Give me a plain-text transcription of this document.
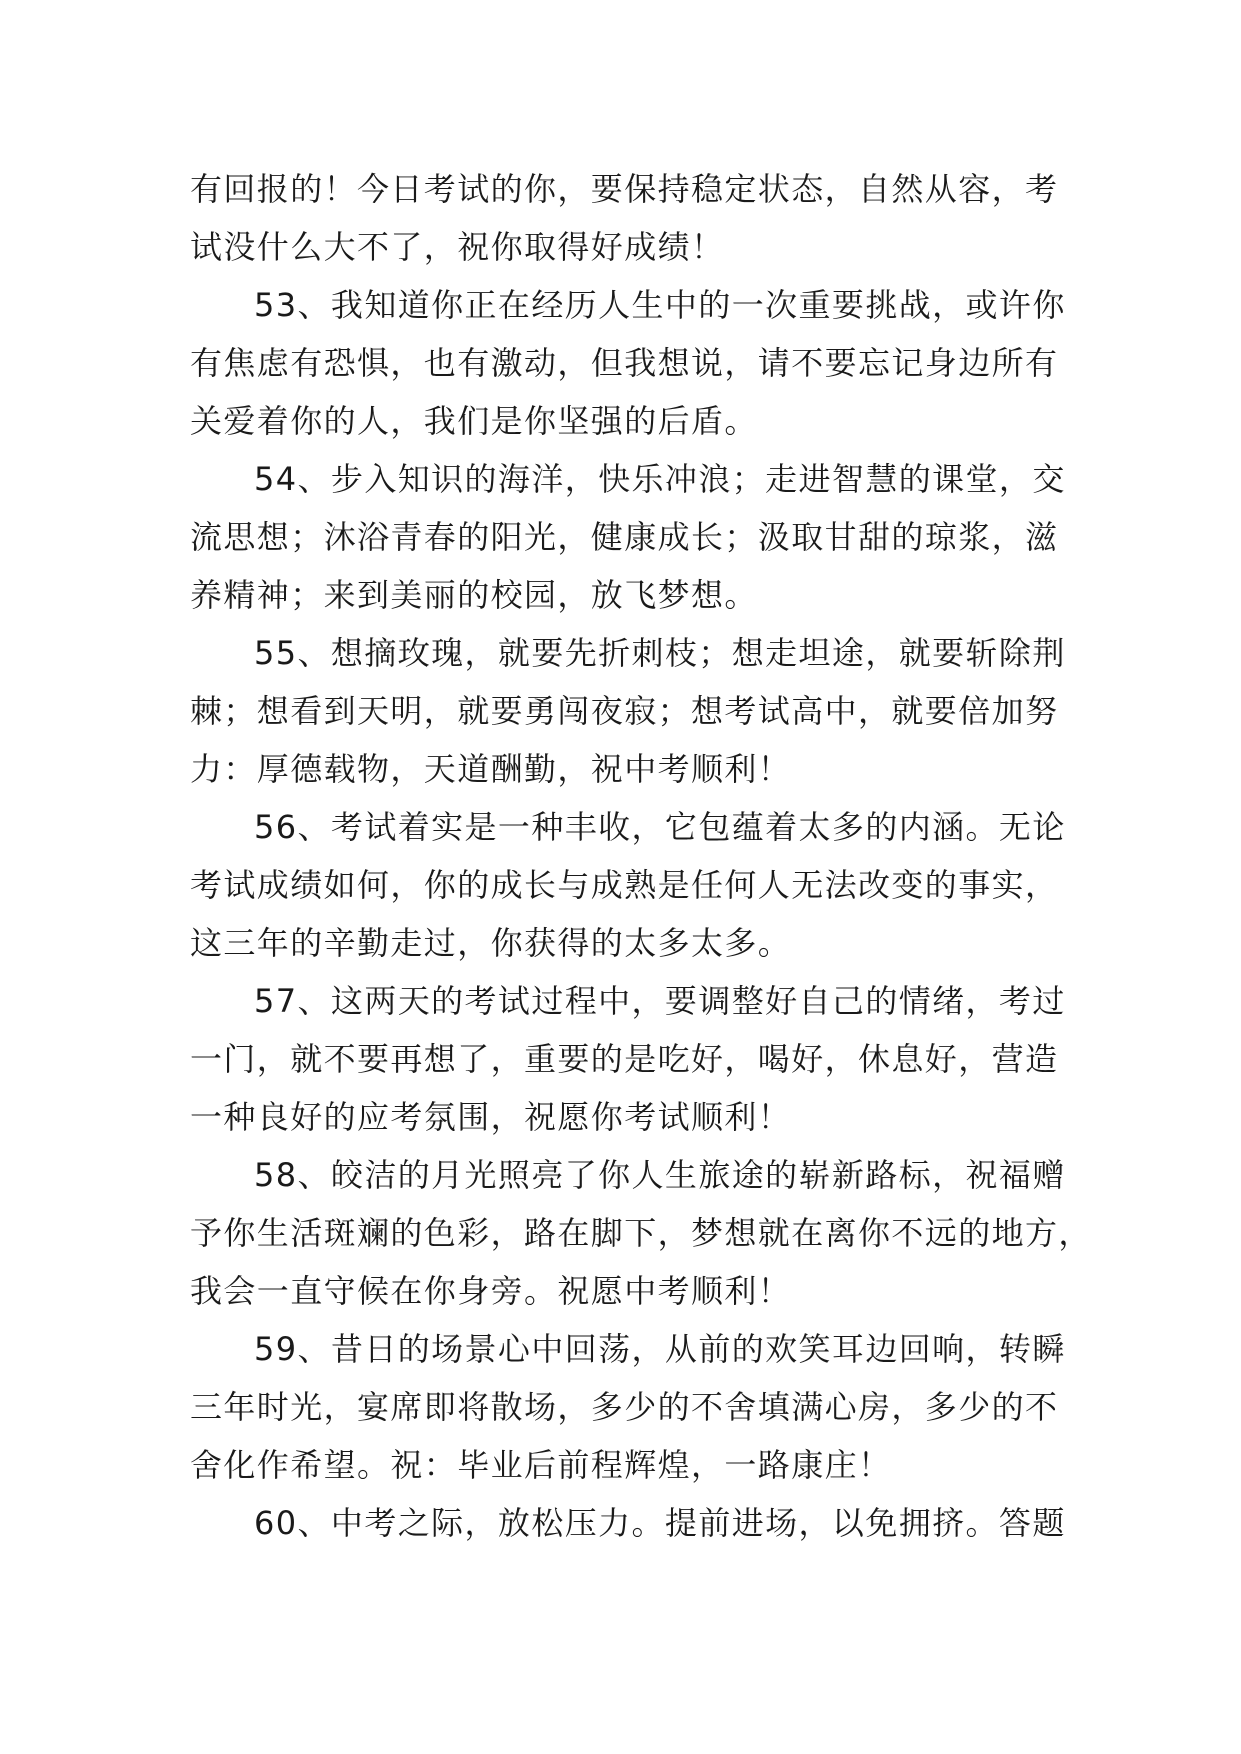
有回报的！今日考试的你，要保持稳定状态，自然从容，考
试没什么大不了，祝你取得好成绩！
53、我知道你正在经历人生中的一次重要挑战，或许你
有焦虑有恐惧，也有激动，但我想说，请不要忘记身边所有
关爱着你的人，我们是你坚强的后盾。
54、步入知识的海洋，快乐冲浪；走进智慧的课堂，交
流思想；沐浴青春的阳光，健康成长；汲取甘甜的琼浆，滋
养精神；来到美丽的校园，放飞梦想。
55、想摘玫瑰，就要先折刺枝；想走坦途，就要斩除荆
棘；想看到天明，就要勇闯夜寂；想考试高中，就要倍加努
力：厚德载物，天道酬勤，祝中考顺利！
56、考试着实是一种丰收，它包蕴着太多的内涵。无论
考试成绩如何，你的成长与成熟是任何人无法改变的事实，
这三年的辛勤走过，你获得的太多太多。
57、这两天的考试过程中，要调整好自己的情绪，考过
一门，就不要再想了，重要的是吃好，喝好，休息好，营造
一种良好的应考氛围，祝愿你考试顺利！
58、皎洁的月光照亮了你人生旅途的崭新路标，祝福赠
予你生活斑斓的色彩，路在脚下，梦想就在离你不远的地方，
我会一直守候在你身旁。祝愿中考顺利！
59、昔日的场景心中回荡，从前的欢笑耳边回响，转瞬
三年时光，宴席即将散场，多少的不舍填满心房，多少的不
舍化作希望。祝：毕业后前程辉煌，一路康庄！
60、中考之际，放松压力。提前进场，以免拥挤。答题
